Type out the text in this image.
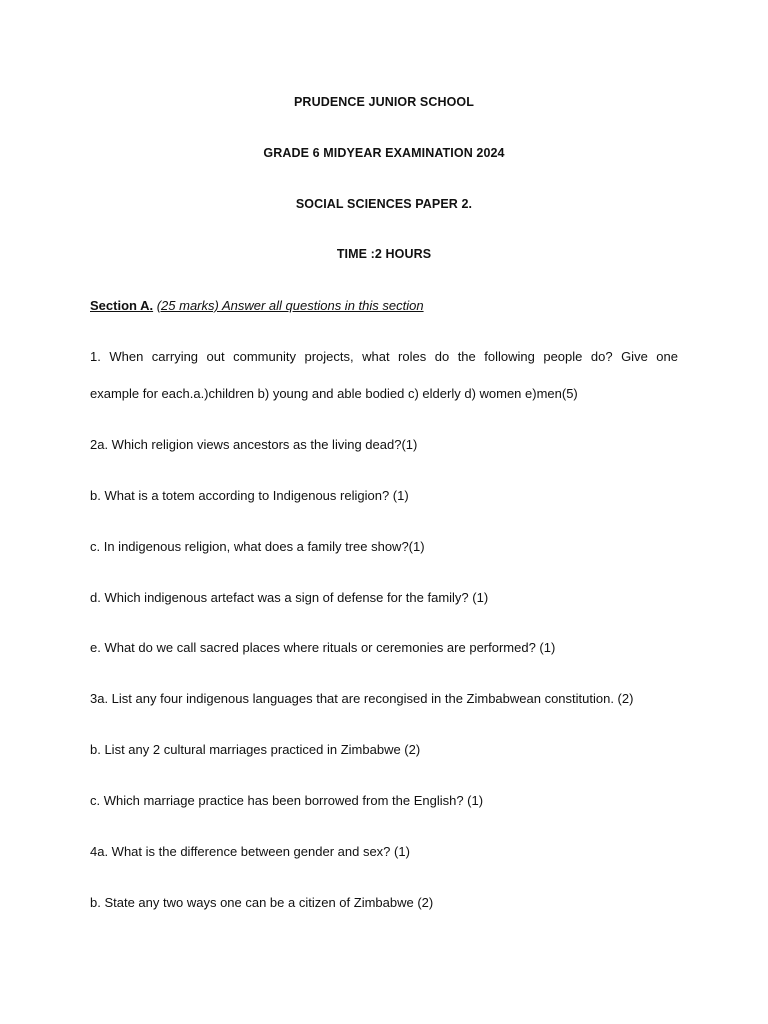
PRUDENCE JUNIOR SCHOOL
GRADE 6 MIDYEAR EXAMINATION 2024
SOCIAL SCIENCES PAPER 2.
TIME :2 HOURS
Section A. (25 marks) Answer all questions in this section
1. When carrying out community projects, what roles do the following people do? Give one
example for each.a.)children b) young and able bodied c) elderly d) women e)men(5)
2a. Which religion views ancestors as the living dead?(1)
b. What is a totem according to Indigenous religion? (1)
c. In indigenous religion, what does a family tree show?(1)
d. Which indigenous artefact was a sign of defense for the family? (1)
e. What do we call sacred places where rituals or ceremonies are performed? (1)
3a. List any four indigenous languages that are recongised in the Zimbabwean constitution. (2)
b. List any 2 cultural marriages practiced in Zimbabwe (2)
c. Which marriage practice has been borrowed from the English? (1)
4a. What is the difference between gender and sex? (1)
b. State any two ways one can be a citizen of Zimbabwe (2)
